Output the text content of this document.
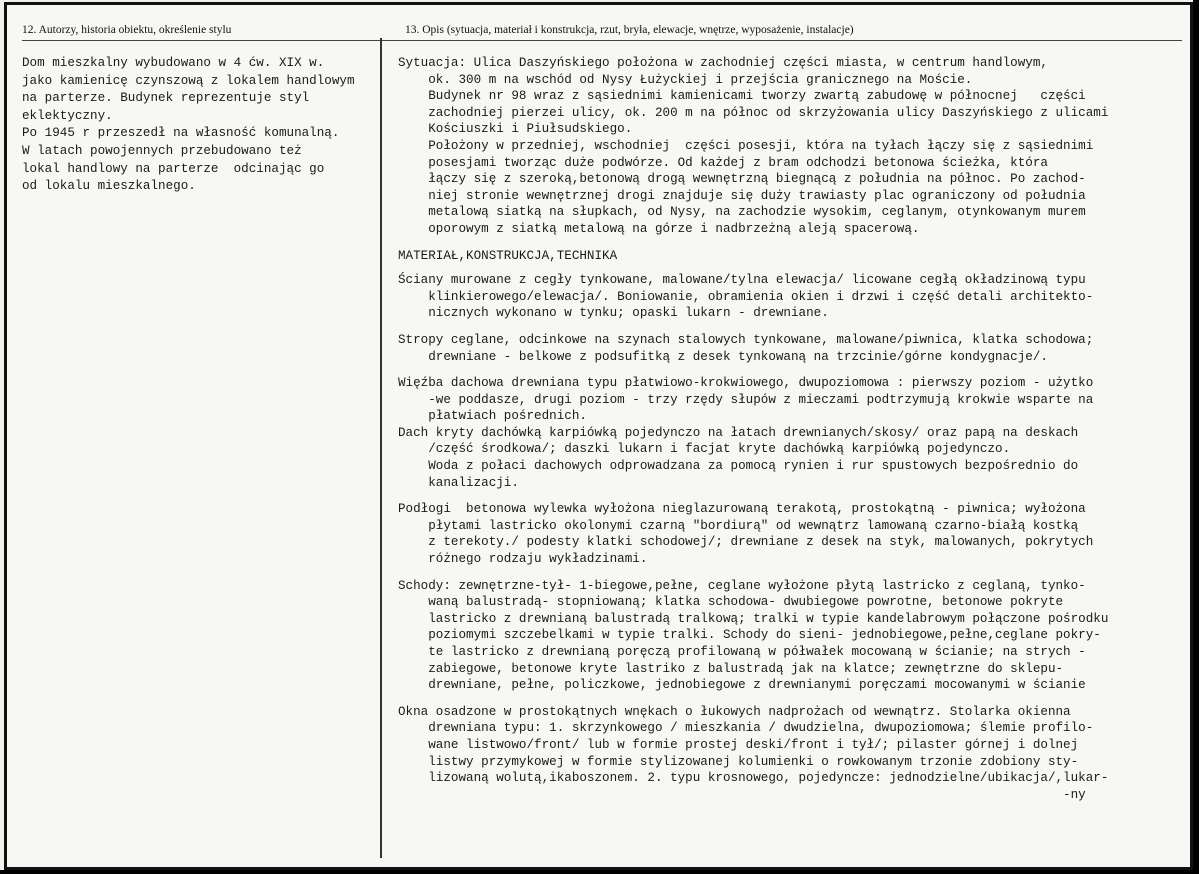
12. Autorzy, historia obiektu, określenie stylu	13. Opis (sytuacja, materiał i konstrukcja, rzut, bryła, elewacje, wnętrze, wyposażenie, instalacje)
Dom mieszkalny wybudowano w 4 ćw. XIX w.
jako kamienicę czynszową z lokalem handlowym
na parterze. Budynek reprezentuje styl
eklektyczny.
Po 1945 r przeszedł na własność komunalną.
W latach powojennych przebudowano też
lokal handlowy na parterze  odcinając go
od lokalu mieszkalnego.
Sytuacja: Ulica Daszyńskiego położona w zachodniej części miasta, w centrum handlowym,
ok. 300 m na wschód od Nysy Łużyckiej i przejścia granicznego na Moście.
Budynek nr 98 wraz z sąsiednimi kamienicami tworzy zwartą zabudowę w północnej   części
zachodniej pierzei ulicy, ok. 200 m na północ od skrzyżowania ulicy Daszyńskiego z ulicami
Kościuszki i Piułsudskiego.
Położony w przedniej, wschodniej  części posesji, która na tyłach łączy się z sąsiednimi
posesjami tworząc duże podwórze. Od każdej z bram odchodzi betonowa ścieżka, która
łączy się z szeroką,betonową drogą wewnętrzną biegnącą z południa na północ. Po zachod-
niej stronie wewnętrznej drogi znajduje się duży trawiasty plac ograniczony od południa
metalową siatką na słupkach, od Nysy, na zachodzie wysokim, ceglanym, otynkowanym murem
oporowym z siatką metalową na górze i nadbrzeżną aleją spacerową.
MATERIAŁ,KONSTRUKCJA,TECHNIKA
Ściany murowane z cegły tynkowane, malowane/tylna elewacja/ licowane cegłą okładzinową typu
klinkierowego/elewacja/. Boniowanie, obramienia okien i drzwi i część detali architekto-
nicznych wykonano w tynku; opaski lukarn - drewniane.
Stropy ceglane, odcinkowe na szynach stalowych tynkowane, malowane/piwnica, klatka schodowa;
drewniane - belkowe z podsufitką z desek tynkowaną na trzcinie/górne kondygnacje/.
Więźba dachowa drewniana typu płatwiowo-krokwiowego, dwupoziomowa : pierwszy poziom - użytko
-we poddasze, drugi poziom - trzy rzędy słupów z mieczami podtrzymują krokwie wsparte na
płatwiach pośrednich.
Dach kryty dachówką karpiówką pojedynczo na łatach drewnianych/skosy/ oraz papą na deskach
/część środkowa/; daszki lukarn i facjat kryte dachówką karpiówką pojedynczo.
Woda z połaci dachowych odprowadzana za pomocą rynien i rur spustowych bezpośrednio do
kanalizacji.
Podłogi  betonowa wylewka wyłożona nieglazurowaną terakotą, prostokątną - piwnica; wyłożona
płytami lastricko okolonymi czarną "bordiurą" od wewnątrz lamowaną czarno-białą kostką
z terekoty./ podesty klatki schodowej/; drewniane z desek na styk, malowanych, pokrytych
różnego rodzaju wykładzinami.
Schody: zewnętrzne-tył- 1-biegowe,pełne, ceglane wyłożone płytą lastricko z ceglaną, tynko-
waną balustradą- stopniowaną; klatka schodowa- dwubiegowe powrotne, betonowe pokryte
lastricko z drewnianą balustradą tralkową; tralki w typie kandelabrowym połączone pośrodku
poziomymi szczebelkami w typie tralki. Schody do sieni- jednobiegowe,pełne,ceglane pokry-
te lastricko z drewnianą poręczą profilowaną w półwałek mocowaną w ścianie; na strych -
zabiegowe, betonowe kryte lastriko z balustradą jak na klatce; zewnętrzne do sklepu-
drewniane, pełne, policzkowe, jednobiegowe z drewnianymi poręczami mocowanymi w ścianie
Okna osadzone w prostokątnych wnękach o łukowych nadprożach od wewnątrz. Stolarka okienna
drewniana typu: 1. skrzynkowego / mieszkania / dwudzielna, dwupoziomowa; ślemie profilo-
wane listwowo/front/ lub w formie prostej deski/front i tył/; pilaster górnej i dolnej
listwy przymykowej w formie stylizowanej kolumienki o rowkowanym trzonie zdobiony sty-
lizowaną wolutą,ikaboszonem. 2. typu krosnowego, pojedyncze: jednodzielne/ubikacja/,lukar-
-ny
